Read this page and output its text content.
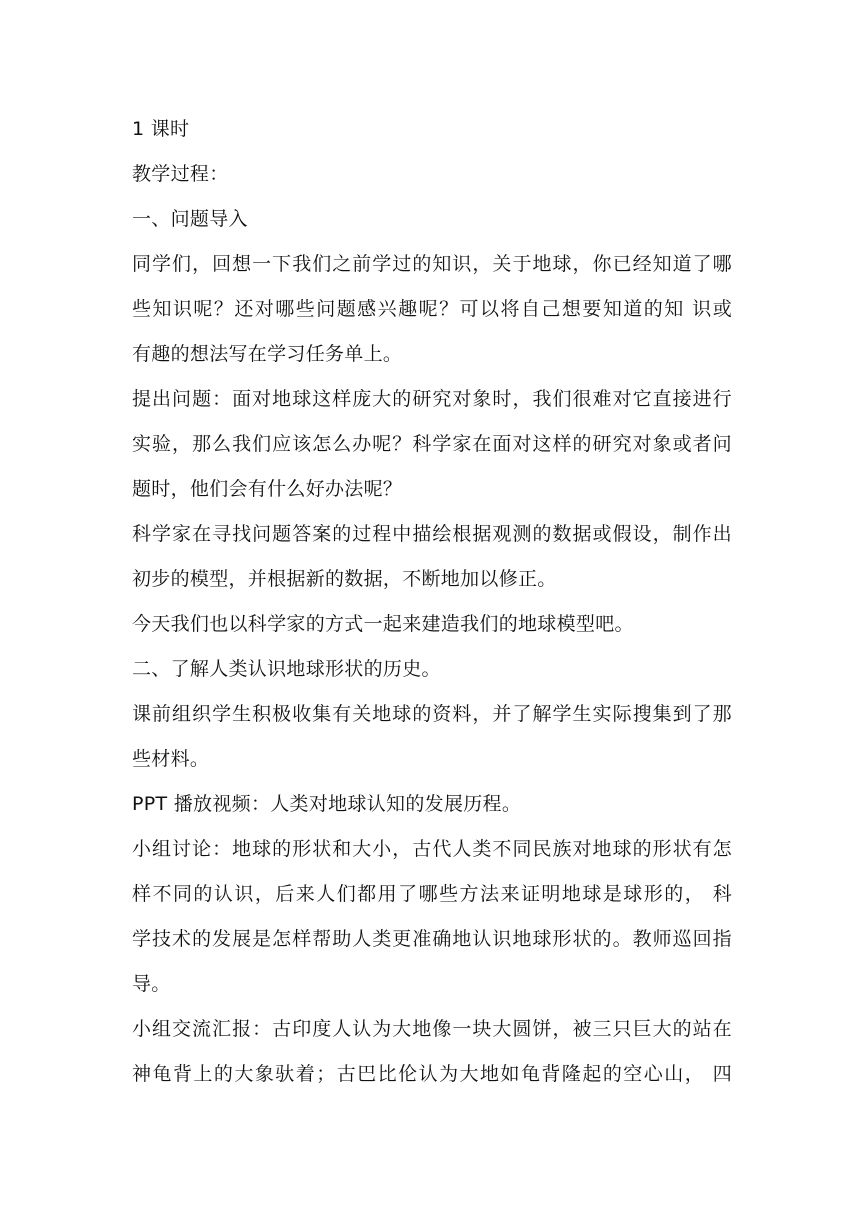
1 课时
教学过程：
一、问题导入
同学们，回想一下我们之前学过的知识，关于地球，你已经知道了哪
些知识呢？还对哪些问题感兴趣呢？可以将自己想要知道的知 识或
有趣的想法写在学习任务单上。
提出问题：面对地球这样庞大的研究对象时，我们很难对它直接进行
实验，那么我们应该怎么办呢？科学家在面对这样的研究对象或者问
题时，他们会有什么好办法呢？
科学家在寻找问题答案的过程中描绘根据观测的数据或假设，制作出
初步的模型，并根据新的数据，不断地加以修正。
今天我们也以科学家的方式一起来建造我们的地球模型吧。
二、了解人类认识地球形状的历史。
课前组织学生积极收集有关地球的资料，并了解学生实际搜集到了那
些材料。
PPT 播放视频：人类对地球认知的发展历程。
小组讨论：地球的形状和大小，古代人类不同民族对地球的形状有怎
样不同的认识，后来人们都用了哪些方法来证明地球是球形的， 科
学技术的发展是怎样帮助人类更准确地认识地球形状的。教师巡回指
导。
小组交流汇报：古印度人认为大地像一块大圆饼，被三只巨大的站在
神龟背上的大象驮着；古巴比伦认为大地如龟背隆起的空心山， 四
